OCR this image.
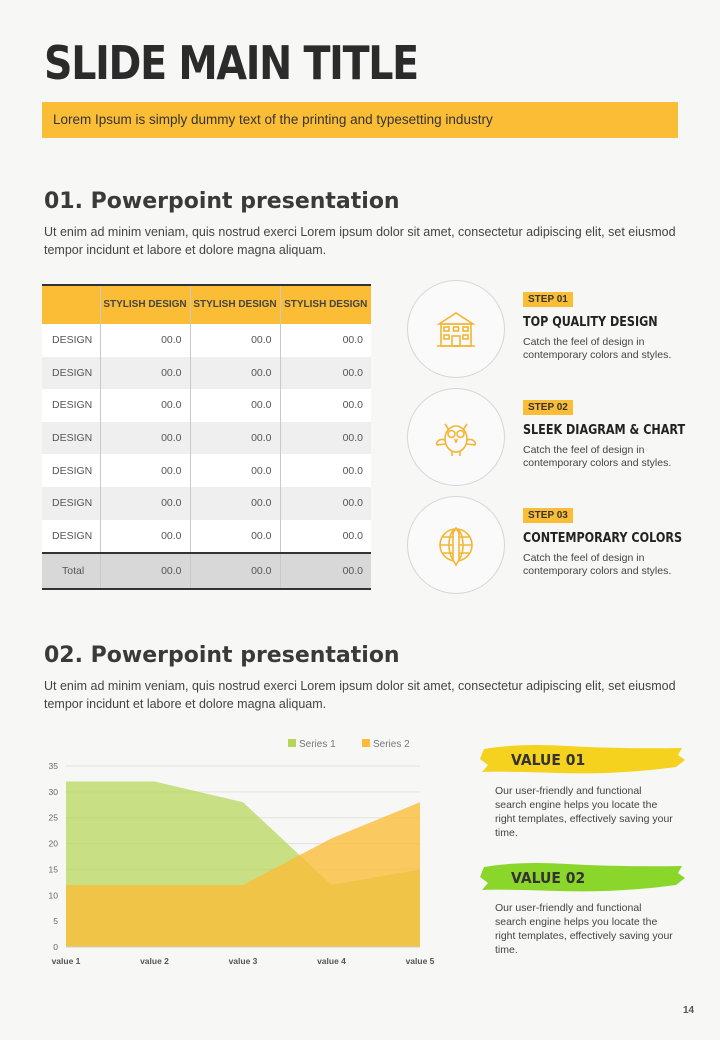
SLIDE MAIN TITLE
Lorem Ipsum is simply dummy text of the printing and typesetting industry
01. Powerpoint presentation

Ut enim ad minim veniam, quis nostrud exerci Lorem ipsum dolor sit amet, consectetur adipiscing elit, set eiusmod tempor incidunt et labore et dolore magna aliquam.

	STYLISH DESIGN	STYLISH DESIGN	STYLISH DESIGN
DESIGN	00.0	00.0	00.0
DESIGN	00.0	00.0	00.0
DESIGN	00.0	00.0	00.0
DESIGN	00.0	00.0	00.0
DESIGN	00.0	00.0	00.0
DESIGN	00.0	00.0	00.0
DESIGN	00.0	00.0	00.0
Total	00.0	00.0	00.0
STEP 01
TOP QUALITY DESIGN
Catch the feel of design in contemporary colors and styles.
STEP 02
SLEEK DIAGRAM & CHART
Catch the feel of design in contemporary colors and styles.
STEP 03
CONTEMPORARY COLORS
Catch the feel of design in contemporary colors and styles.
02. Powerpoint presentation

Ut enim ad minim veniam, quis nostrud exerci Lorem ipsum dolor sit amet, consectetur adipiscing elit, set eiusmod tempor incidunt et labore et dolore magna aliquam.

0
5
10
15
20
25
30
35
value 1	value 2	value 3	value 4	value 5
Series 1	Series 2
VALUE 01
Our user-friendly and functional search engine helps you locate the right templates, effectively saving your time.
VALUE 02
Our user-friendly and functional search engine helps you locate the right templates, effectively saving your time.
14
